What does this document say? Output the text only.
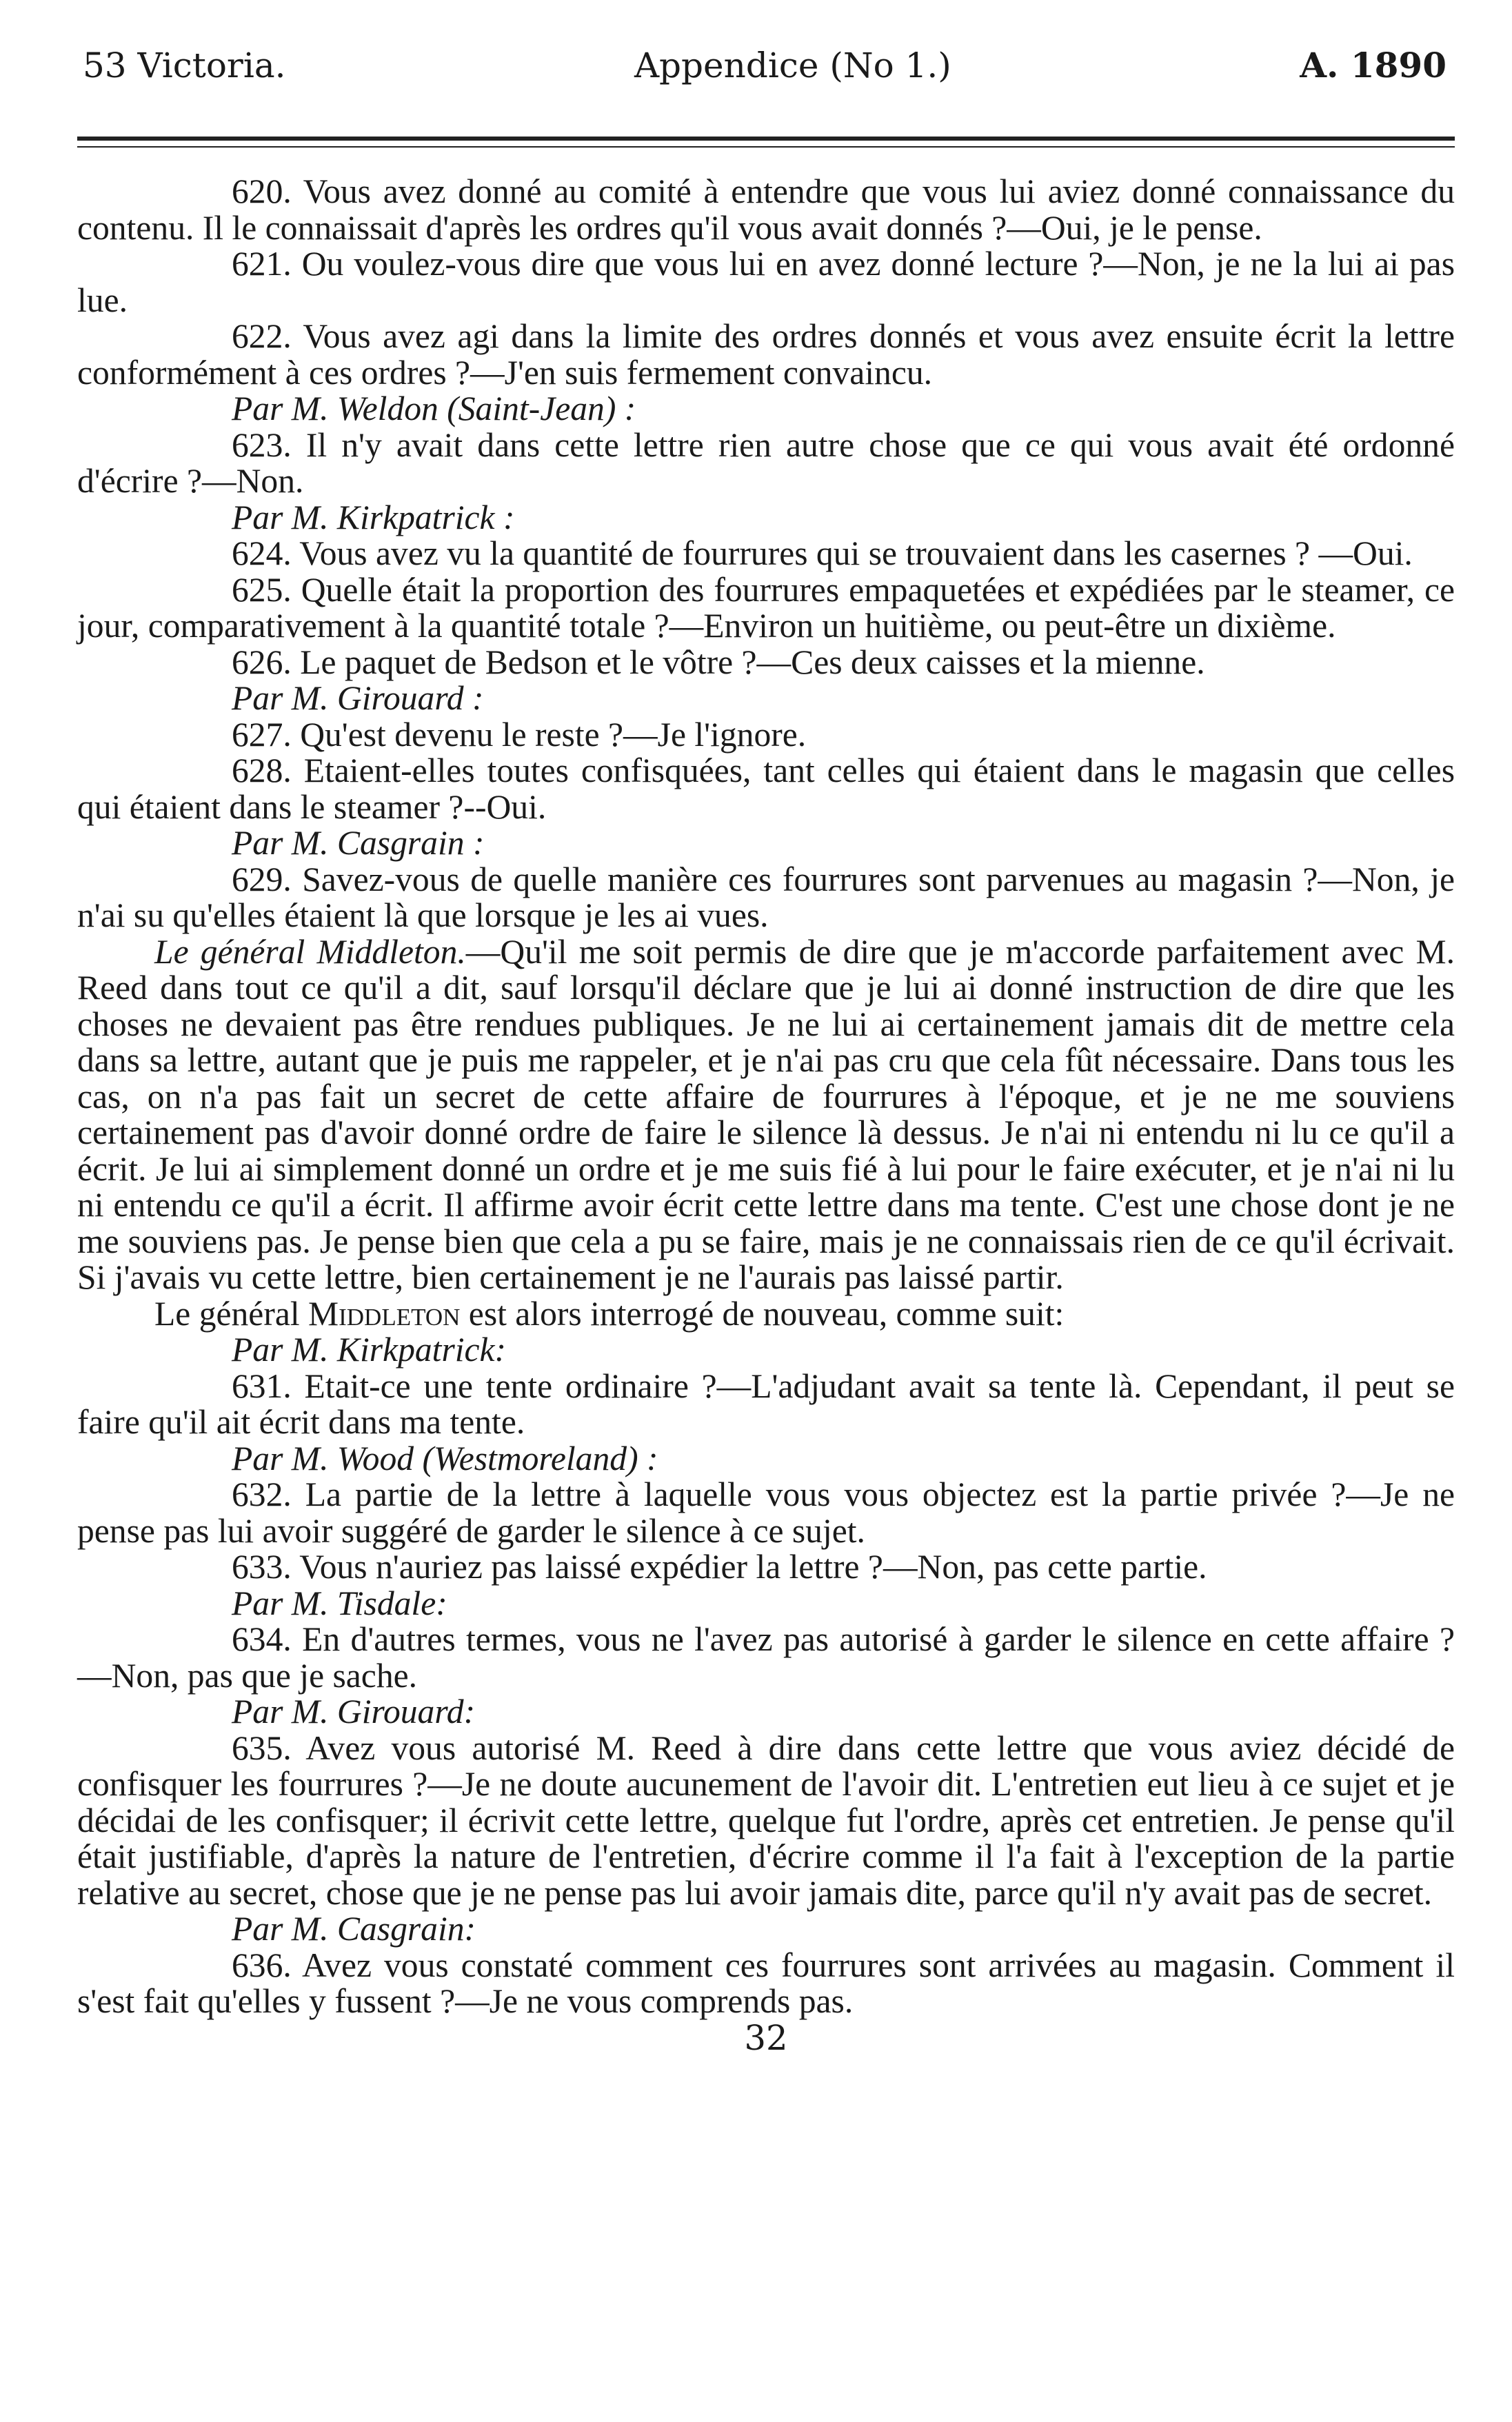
53 Victoria.	Appendice (No 1.)	A. 1890

620. Vous avez donné au comité à entendre que vous lui aviez donné connaissance du contenu. Il le connaissait d'après les ordres qu'il vous avait donnés ?—Oui, je le pense.

621. Ou voulez-vous dire que vous lui en avez donné lecture ?—Non, je ne la lui ai pas lue.

622. Vous avez agi dans la limite des ordres donnés et vous avez ensuite écrit la lettre conformément à ces ordres ?—J'en suis fermement convaincu.

Par M. Weldon (Saint-Jean) :

623. Il n'y avait dans cette lettre rien autre chose que ce qui vous avait été ordonné d'écrire ?—Non.

Par M. Kirkpatrick :

624. Vous avez vu la quantité de fourrures qui se trouvaient dans les casernes ? —Oui.

625. Quelle était la proportion des fourrures empaquetées et expédiées par le steamer, ce jour, comparativement à la quantité totale ?—Environ un huitième, ou peut-être un dixième.

626. Le paquet de Bedson et le vôtre ?—Ces deux caisses et la mienne.

Par M. Girouard :

627. Qu'est devenu le reste ?—Je l'ignore.

628. Etaient-elles toutes confisquées, tant celles qui étaient dans le magasin que celles qui étaient dans le steamer ?--Oui.

Par M. Casgrain :

629. Savez-vous de quelle manière ces fourrures sont parvenues au magasin ?—Non, je n'ai su qu'elles étaient là que lorsque je les ai vues.

Le général Middleton.—Qu'il me soit permis de dire que je m'accorde parfaitement avec M. Reed dans tout ce qu'il a dit, sauf lorsqu'il déclare que je lui ai donné instruction de dire que les choses ne devaient pas être rendues publiques. Je ne lui ai certainement jamais dit de mettre cela dans sa lettre, autant que je puis me rappeler, et je n'ai pas cru que cela fût nécessaire. Dans tous les cas, on n'a pas fait un secret de cette affaire de fourrures à l'époque, et je ne me souviens certainement pas d'avoir donné ordre de faire le silence là dessus. Je n'ai ni entendu ni lu ce qu'il a écrit. Je lui ai simplement donné un ordre et je me suis fié à lui pour le faire exécuter, et je n'ai ni lu ni entendu ce qu'il a écrit. Il affirme avoir écrit cette lettre dans ma tente. C'est une chose dont je ne me souviens pas. Je pense bien que cela a pu se faire, mais je ne connaissais rien de ce qu'il écrivait. Si j'avais vu cette lettre, bien certainement je ne l'aurais pas laissé partir.

Le général Middleton est alors interrogé de nouveau, comme suit:

Par M. Kirkpatrick:

631. Etait-ce une tente ordinaire ?—L'adjudant avait sa tente là. Cependant, il peut se faire qu'il ait écrit dans ma tente.

Par M. Wood (Westmoreland) :

632. La partie de la lettre à laquelle vous vous objectez est la partie privée ?—Je ne pense pas lui avoir suggéré de garder le silence à ce sujet.

633. Vous n'auriez pas laissé expédier la lettre ?—Non, pas cette partie.

Par M. Tisdale:

634. En d'autres termes, vous ne l'avez pas autorisé à garder le silence en cette affaire ?—Non, pas que je sache.

Par M. Girouard:

635. Avez vous autorisé M. Reed à dire dans cette lettre que vous aviez décidé de confisquer les fourrures ?—Je ne doute aucunement de l'avoir dit. L'entretien eut lieu à ce sujet et je décidai de les confisquer; il écrivit cette lettre, quelque fut l'ordre, après cet entretien. Je pense qu'il était justifiable, d'après la nature de l'entretien, d'écrire comme il l'a fait à l'exception de la partie relative au secret, chose que je ne pense pas lui avoir jamais dite, parce qu'il n'y avait pas de secret.

Par M. Casgrain:

636. Avez vous constaté comment ces fourrures sont arrivées au magasin. Comment il s'est fait qu'elles y fussent ?—Je ne vous comprends pas.

32
